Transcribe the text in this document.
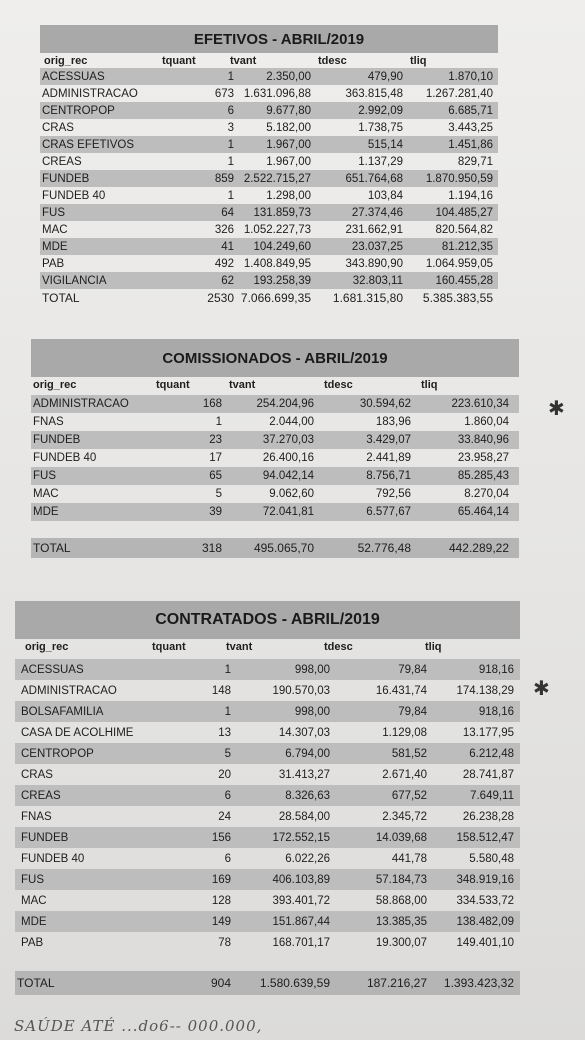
EFETIVOS - ABRIL/2019
orig_rec	tquant	tvant	tdesc	tliq
ACESSUAS	1	2.350,00	479,90	1.870,10
ADMINISTRACAO	673 1.631.096,88	363.815,48 1.267.281,40
CENTROPOP	6	9.677,80	2.992,09	6.685,71
CRAS	3	5.182,00	1.738,75	3.443,25
CRAS EFETIVOS	1	1.967,00	515,14	1.451,86
CREAS	1	1.967,00	1.137,29	829,71
FUNDEB	859 2.522.715,27	651.764,68 1.870.950,59
FUNDEB 40	1	1.298,00	103,84	1.194,16
FUS	64 131.859,73	27.374,46	104.485,27
MAC	326 1.052.227,73	231.662,91	820.564,82
MDE	41 104.249,60	23.037,25	81.212,35
PAB	492 1.408.849,95	343.890,90 1.064.959,05
VIGILANCIA	62 193.258,39	32.803,11	160.455,28
TOTAL	2530 7.066.699,35 1.681.315,80 5.385.383,55
COMISSIONADOS - ABRIL/2019
orig_rec	tquant	tvant	tdesc	tliq
ADMINISTRACAO	168	254.204,96	30.594,62	223.610,34
FNAS	1	2.044,00	183,96	1.860,04
FUNDEB	23	37.270,03	3.429,07	33.840,96
FUNDEB 40	17	26.400,16	2.441,89	23.958,27
FUS	65	94.042,14	8.756,71	85.285,43
MAC	5	9.062,60	792,56	8.270,04
MDE	39	72.041,81	6.577,67	65.464,14
TOTAL	318	495.065,70	52.776,48	442.289,22
CONTRATADOS - ABRIL/2019
orig_rec	tquant	tvant	tdesc	tliq
ACESSUAS	1	998,00	79,84	918,16
ADMINISTRACAO	148	190.570,03	16.431,74	174.138,29
BOLSAFAMILIA	1	998,00	79,84	918,16
CASA DE ACOLHIME	13	14.307,03	1.129,08	13.177,95
CENTROPOP	5	6.794,00	581,52	6.212,48
CRAS	20	31.413,27	2.671,40	28.741,87
CREAS	6	8.326,63	677,52	7.649,11
FNAS	24	28.584,00	2.345,72	26.238,28
FUNDEB	156	172.552,15	14.039,68	158.512,47
FUNDEB 40	6	6.022,26	441,78	5.580,48
FUS	169	406.103,89	57.184,73	348.919,16
MAC	128	393.401,72	58.868,00	334.533,72
MDE	149	151.867,44	13.385,35	138.482,09
PAB	78	168.701,17	19.300,07	149.401,10
TOTAL	904 1.580.639,59	187.216,27 1.393.423,32
✱
✱
SAÚDE ATÉ ...do6-- 000.000,
